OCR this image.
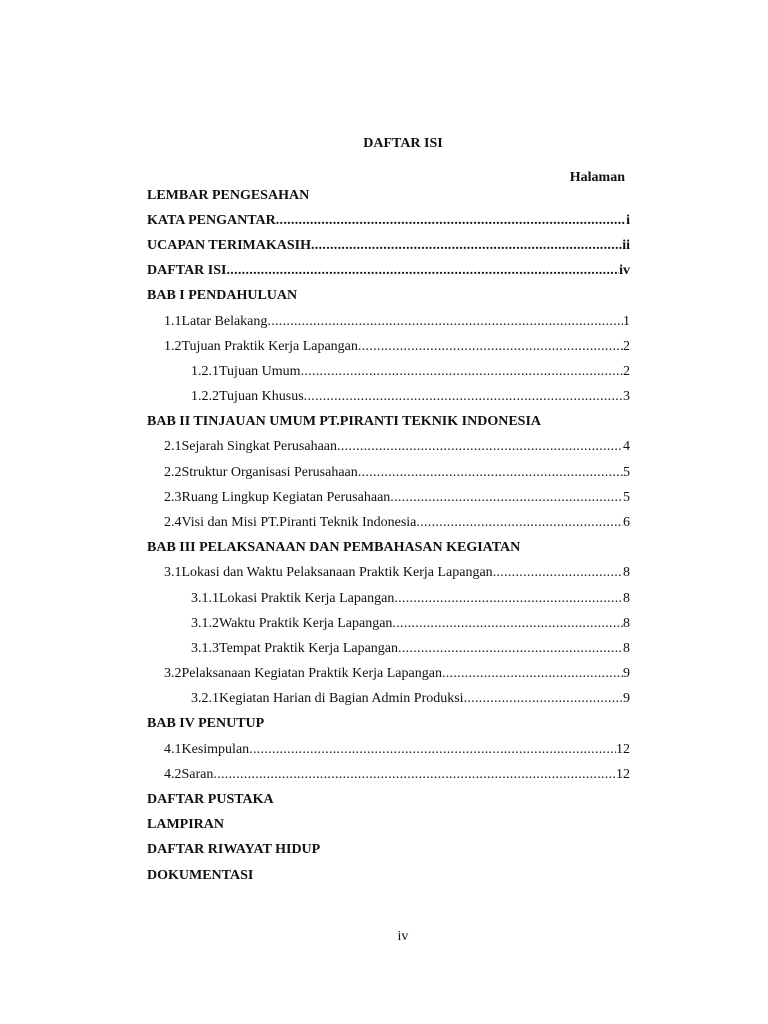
DAFTAR ISI
Halaman
LEMBAR PENGESAHAN
KATA PENGANTAR .....	i
UCAPAN TERIMAKASIH .....	ii
DAFTAR ISI .....	iv
BAB I PENDAHULUAN
1.1 Latar Belakang .....	1
1.2 Tujuan Praktik Kerja Lapangan .....	2
1.2.1 Tujuan Umum .....	2
1.2.2 Tujuan Khusus .....	3
BAB II TINJAUAN UMUM PT.PIRANTI TEKNIK INDONESIA
2.1 Sejarah Singkat Perusahaan .....	4
2.2 Struktur Organisasi Perusahaan .....	5
2.3 Ruang Lingkup Kegiatan Perusahaan .....	5
2.4 Visi dan Misi PT.Piranti Teknik Indonesia .....	6
BAB III PELAKSANAAN DAN PEMBAHASAN KEGIATAN
3.1 Lokasi dan Waktu Pelaksanaan Praktik Kerja Lapangan .....	8
3.1.1 Lokasi Praktik Kerja Lapangan .....	8
3.1.2 Waktu Praktik Kerja Lapangan .....	8
3.1.3 Tempat Praktik Kerja Lapangan .....	8
3.2 Pelaksanaan Kegiatan Praktik Kerja Lapangan .....	9
3.2.1 Kegiatan Harian di Bagian Admin Produksi .....	9
BAB IV PENUTUP
4.1 Kesimpulan .....	12
4.2 Saran .....	12
DAFTAR PUSTAKA
LAMPIRAN
DAFTAR RIWAYAT HIDUP
DOKUMENTASI
iv
